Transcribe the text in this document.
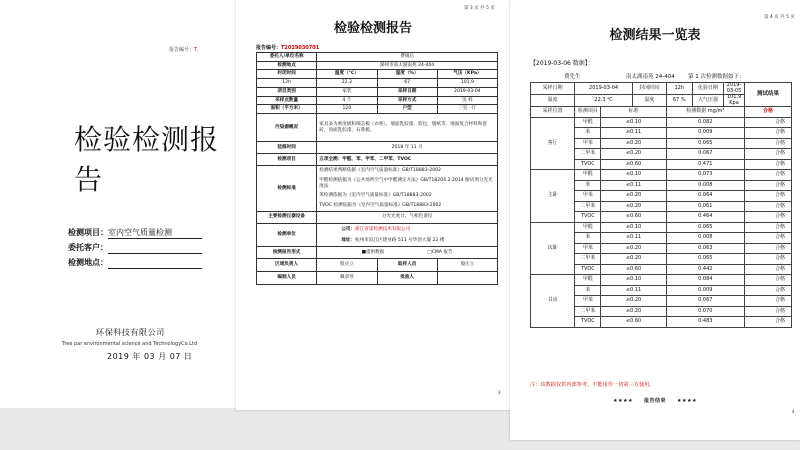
报告编号：T.
检验检测报告
检测项目：室内空气质量检测
委托客户：
检测地点：
环保科技有限公司
Tree par environmental science and TechnologyCo.Ltd
2019 年 03 月 07 日
第 3 页 共 5 页
检验检测报告
报告编号：T2019030701
委托人/单位名称	费锡后		
检测地点	湖州市南太湖南苑 24-404		
封闭时间	温度（℃）	湿度（%）	气压（KPa）
12h	22.3	67	101.9
项目类别	家装	采样日期	2019-03-04
采样点数量	4 个	采样方式	送 样
面积（平方米）	120	户型	三室一厅
污染源概况	家具多为密度板和细芯板（衣柜），墙面乳胶漆，软包，墙纸等，地面复合材料和瓷砖，顶面乳胶漆，石膏板。		
装修时间	2018 年 11 月		
检测项目	五项全测：甲醛、苯、甲苯、二甲苯、TVOC		
检测标准	检测结果判断依据《室内空气质量标准》GB/T18883-2002
甲醛检测依据为《公共场所空气中甲醛测定方法》GB/T18204.2-2014 酚试剂分光光度法
苯检测依据为《室内空气质量标准》GB/T18883-2002
TVOC 检测依据为《室内空气质量标准》GB/T18883-2002		

主要检测仪器设备	分光光度计、气相色谱仪		
检测单位	公司：浙江省诺检测技术有限公司
地址：杭州市滨江区建业路 511 号华创大厦 22 楼		

检测报告形式	■提供数据 □CMA 报告		
区域负责人	殷庆立	取样人员	殷庆立
编制人员	戴章琴	批准人	
3
第 4 页 共 5 页
检测结果一览表
【2019-03-06 数据】：
费先生	南太湖南苑 24-404 第 1 次检测数据如下：
采样日期	2019-03-04		封闭时间	12h	化验日期	2019-03-05	测试结果
温度	22.3 ℃		湿度	67 %	大气压强	101.9 Kpa	
采样位置	检测项目	标准		检测数据 mg/m³			合格
客厅	甲醛	≤0.10		0.082			合格
	苯	≤0.11		0.009			合格
	甲苯	≤0.20		0.065			合格
	二甲苯	≤0.20		0.067			合格
	TVOC	≤0.60		0.471			合格
主卧	甲醛	≤0.10		0.073			合格
	苯	≤0.11		0.008			合格
	甲苯	≤0.20		0.064			合格
	二甲苯	≤0.20		0.061			合格
	TVOC	≤0.60		0.464			合格
次卧	甲醛	≤0.10		0.065			合格
	苯	≤0.11		0.008			合格
	甲苯	≤0.20		0.063			合格
	二甲苯	≤0.20		0.065			合格
	TVOC	≤0.60		0.442			合格
书房	甲醛	≤0.10		0.084			合格
	苯	≤0.11		0.009			合格
	甲苯	≤0.20		0.067			合格
	二甲苯	≤0.20		0.070			合格
	TVOC	≤0.60		0.483			合格
注：该数据仅供内部参考，不能用作一切第三方使用。
★★★★　　报告结束　　★★★★
4
